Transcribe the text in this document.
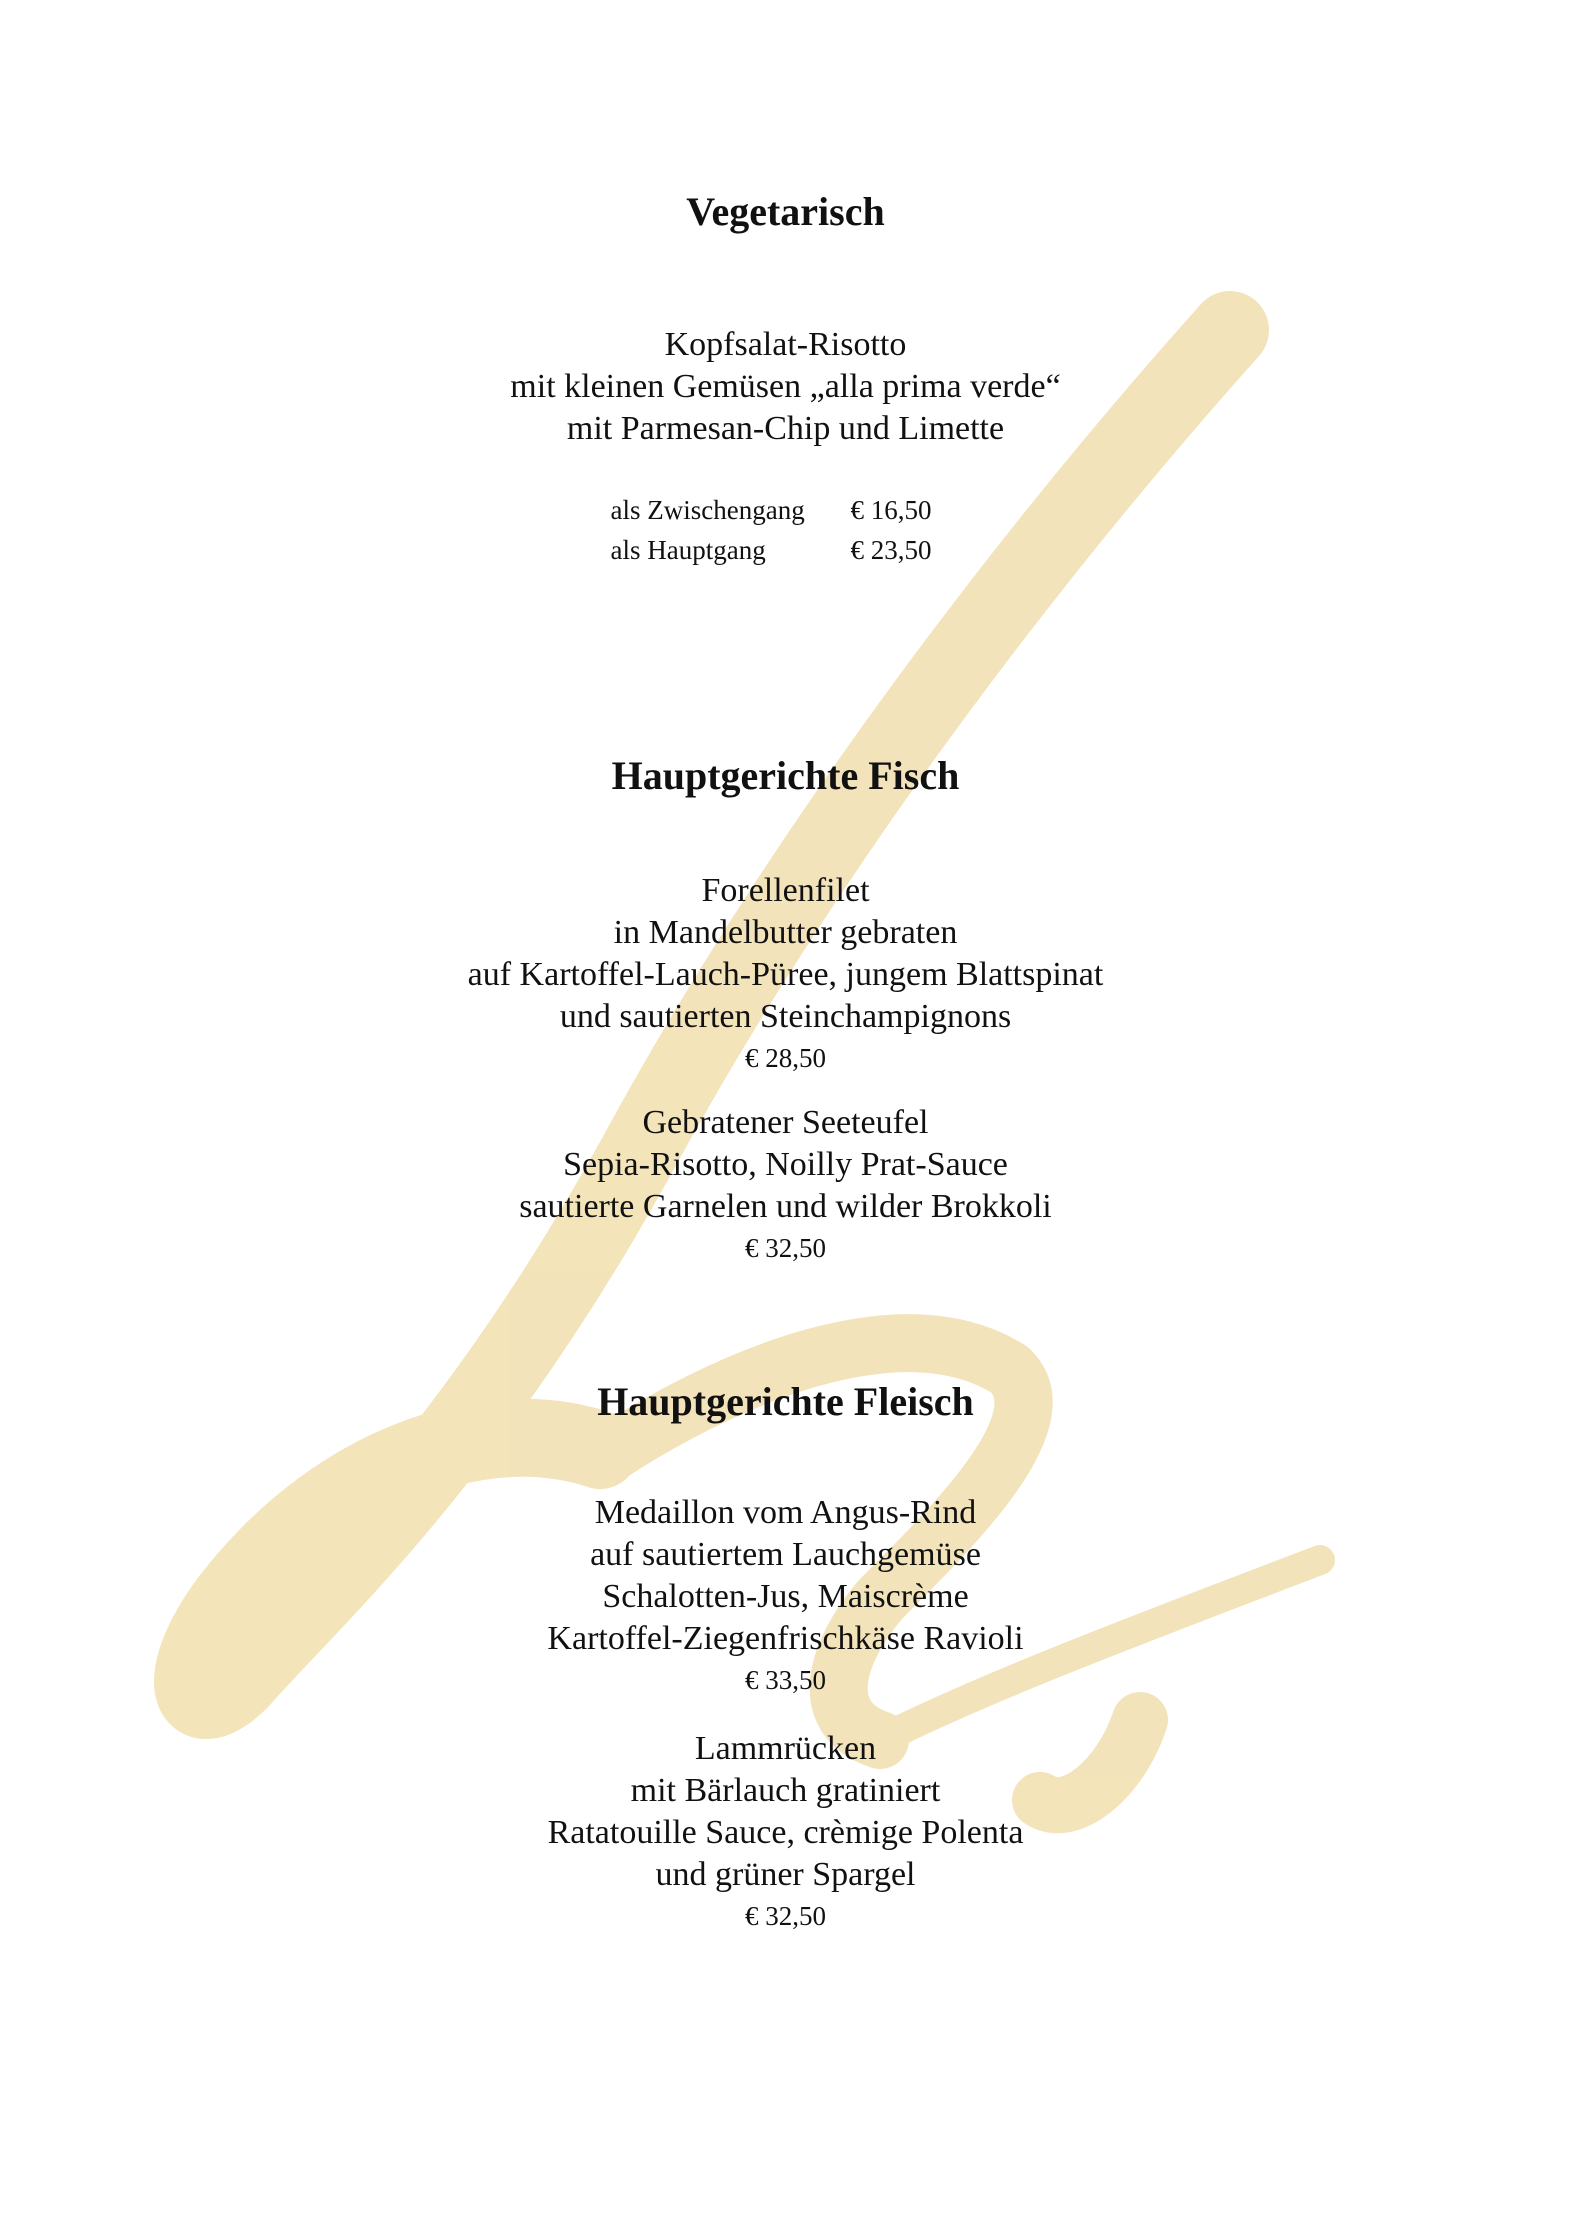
Vegetarisch
Kopfsalat-Risotto
mit kleinen Gemüsen „alla prima verde“
mit Parmesan-Chip und Limette
als Zwischengang	€ 16,50
als Hauptgang	€ 23,50
Hauptgerichte Fisch
Forellenfilet
in Mandelbutter gebraten
auf Kartoffel-Lauch-Püree, jungem Blattspinat
und sautierten Steinchampignons
€ 28,50
Gebratener Seeteufel
Sepia-Risotto, Noilly Prat-Sauce
sautierte Garnelen und wilder Brokkoli
€ 32,50
Hauptgerichte Fleisch
Medaillon vom Angus-Rind
auf sautiertem Lauchgemüse
Schalotten-Jus, Maiscrème
Kartoffel-Ziegenfrischkäse Ravioli
€ 33,50
Lammrücken
mit Bärlauch gratiniert
Ratatouille Sauce, crèmige Polenta
und grüner Spargel
€ 32,50
